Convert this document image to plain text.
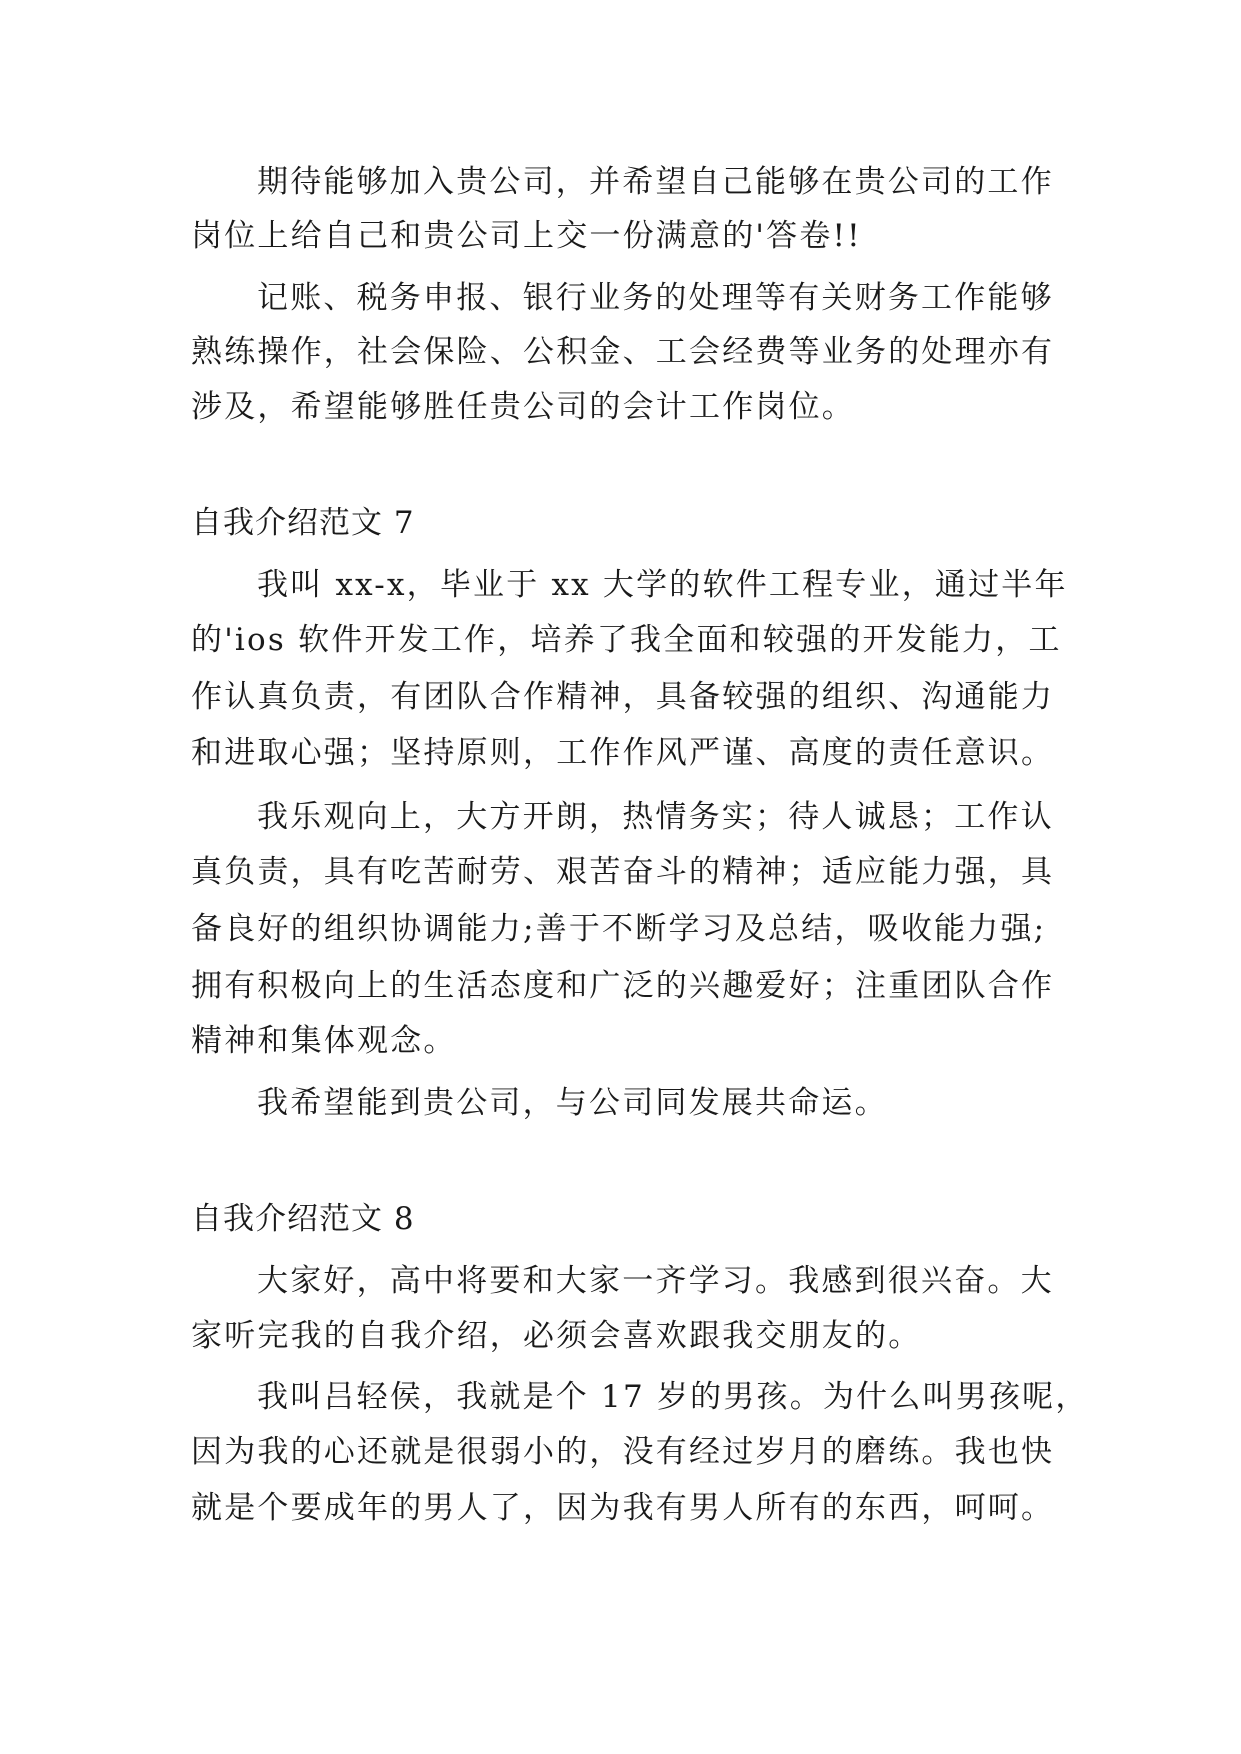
期待能够加入贵公司，并希望自己能够在贵公司的工作
岗位上给自己和贵公司上交一份满意的'答卷!!
记账、税务申报、银行业务的处理等有关财务工作能够
熟练操作，社会保险、公积金、工会经费等业务的处理亦有
涉及，希望能够胜任贵公司的会计工作岗位。
自我介绍范文 7
我叫 xx-x，毕业于 xx 大学的软件工程专业，通过半年
的'ios 软件开发工作，培养了我全面和较强的开发能力，工
作认真负责，有团队合作精神，具备较强的组织、沟通能力
和进取心强；坚持原则，工作作风严谨、高度的责任意识。
我乐观向上，大方开朗，热情务实；待人诚恳；工作认
真负责，具有吃苦耐劳、艰苦奋斗的精神；适应能力强，具
备良好的组织协调能力;善于不断学习及总结，吸收能力强;
拥有积极向上的生活态度和广泛的兴趣爱好；注重团队合作
精神和集体观念。
我希望能到贵公司，与公司同发展共命运。
自我介绍范文 8
大家好，高中将要和大家一齐学习。我感到很兴奋。大
家听完我的自我介绍，必须会喜欢跟我交朋友的。
我叫吕轻侯，我就是个 17 岁的男孩。为什么叫男孩呢，
因为我的心还就是很弱小的，没有经过岁月的磨练。我也快
就是个要成年的男人了，因为我有男人所有的东西，呵呵。
